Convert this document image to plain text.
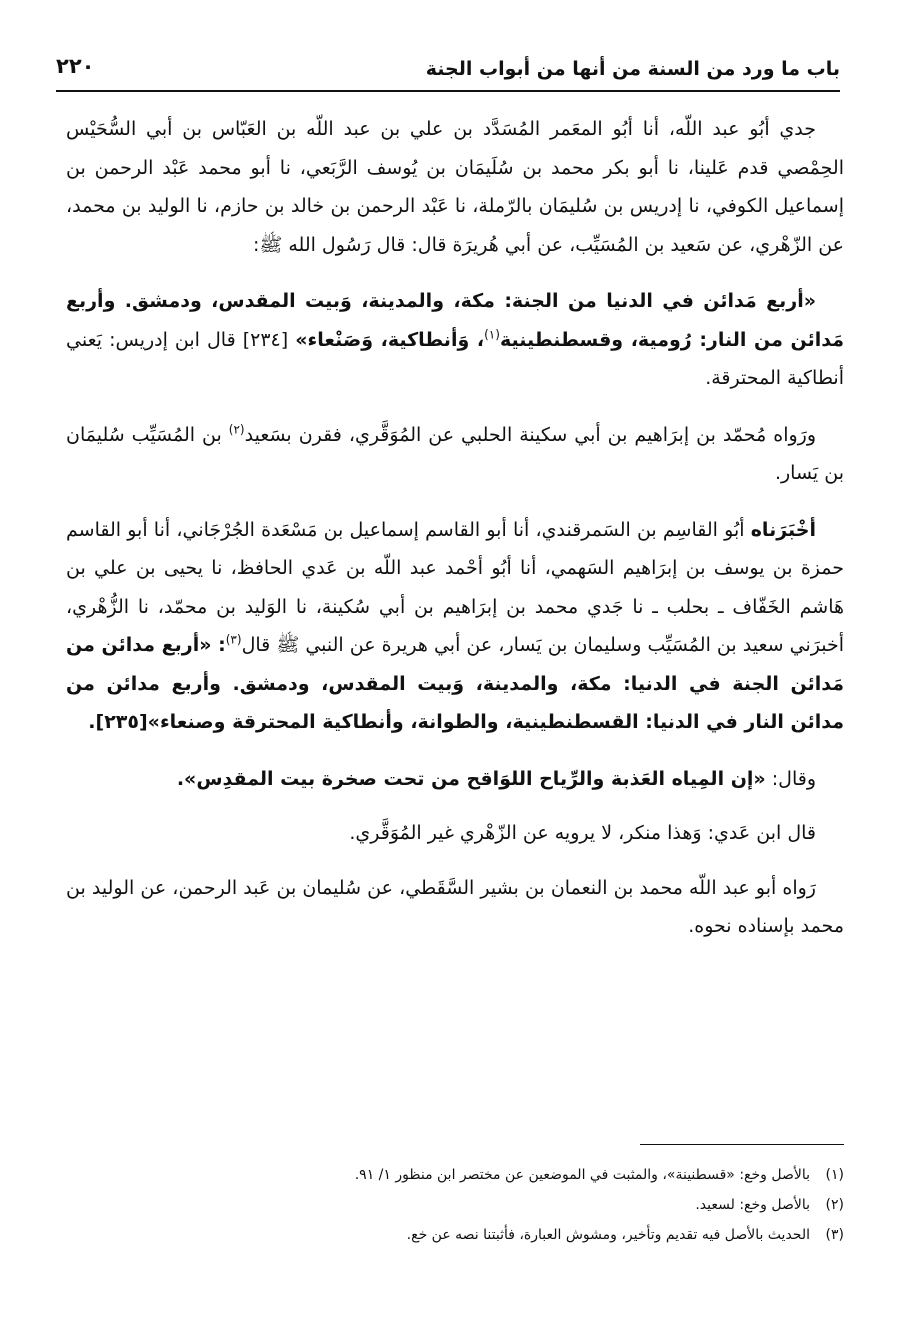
باب ما ورد من السنة من أنها من أبواب الجنة
٢٢٠

جدي أبُو عبد اللّه، أنا أبُو المعَمر المُسَدَّد بن علي بن عبد اللّه بن العَبّاس بن أبي السُّحَيْس الحِمْصي قدم عَلينا، نا أبو بكر محمد بن سُلَيمَان بن يُوسف الرَّبَعي، نا أبو محمد عَبْد الرحمن بن إسماعيل الكوفي، نا إدريس بن سُليمَان بالرّملة، نا عَبْد الرحمن بن خالد بن حازم، نا الوليد بن محمد، عن الزّهْري، عن سَعيد بن المُسَيِّب، عن أبي هُريرَة قال: قال رَسُول الله ﷺ:

«أربع مَدائن في الدنيا من الجنة: مكة، والمدينة، وَبيت المقدس، ودمشق. وأربع مَدائن من النار: رُومية، وقسطنطينية$^{(١)}$، وَأنطاكية، وَصَنْعاء» [٢٣٤] قال ابن إدريس: يَعني أنطاكية المحترقة.

ورَواه مُحمّد بن إبرَاهيم بن أبي سكينة الحلبي عن المُوَقَّري، فقرن بسَعيد$^{(٢)}$ بن المُسَيِّب سُليمَان بن يَسار.

أخْبَرَناه أبُو القاسِم بن السَمرقندي، أنا أبو القاسم إسماعيل بن مَسْعَدة الجُرْجَاني، أنا أبو القاسم حمزة بن يوسف بن إبرَاهيم السَهمي، أنا أبُو أحْمد عبد اللّه بن عَدي الحافظ، نا يحيى بن علي بن هَاشم الخَفّاف ـ بحلب ـ نا جَدي محمد بن إبرَاهيم بن أبي سُكينة، نا الوَليد بن محمّد، نا الزُّهْري، أخبرَني سعيد بن المُسَيِّب وسليمان بن يَسار، عن أبي هريرة عن النبي ﷺ قال$^{(٣)}$: «أربع مدائن من مَدائن الجنة في الدنيا: مكة، والمدينة، وَبيت المقدس، ودمشق. وأربع مدائن من مدائن النار في الدنيا: القسطنطينية، والطوانة، وأنطاكية المحترقة وصنعاء»[٢٣٥].

وقال: «إن المِياه العَذبة والرِّياح اللوَاقح من تحت صخرة بيت المقدِس».

قال ابن عَدي: وَهذا منكر، لا يرويه عن الزّهْري غير المُوَقَّري.

رَواه أبو عبد اللّه محمد بن النعمان بن بشير السَّقَطي، عن سُليمان بن عَبد الرحمن، عن الوليد بن محمد بإسناده نحوه.

(١)بالأصل وخع: «قسطنينة»، والمثبت في الموضعين عن مختصر ابن منظور ١/ ٩١.
(٢)بالأصل وخع: لسعيد.
(٣)الحديث بالأصل فيه تقديم وتأخير، ومشوش العبارة، فأثبتنا نصه عن خع.
